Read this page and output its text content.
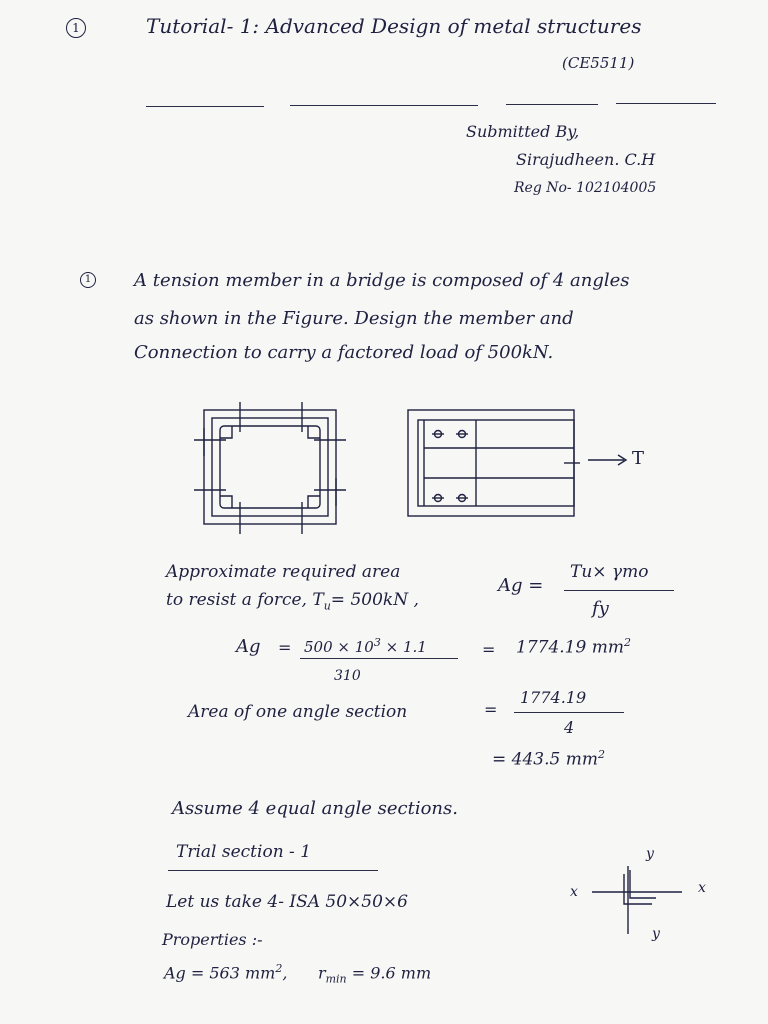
1	Tutorial- 1: Advanced Design of metal structures
(CE5511)
Submitted By,
Sirajudheen. C.H
Reg No- 102104005
1 A tension member in a bridge is composed of 4 angles
as shown in the Figure. Design the member and
Connection to carry a factored load of 500kN.
T
Approximate required area
to resist a force, $T_u= 500kN$ ,
Ag =
Tu× γmo
fy
$Ag = 500 \times 10^3 \times 1.1$
310
= 1774.19 $mm^2$
Area of one angle section	=
1774.19
4
= 443.5 $mm^2$
Assume 4 equal angle sections.
Trial section - 1
Let us take 4- ISA 50×50×6
Properties :-
Ag = 563 $mm^2$, $r_{min} = 9.6$ mm
y
x	x
y
